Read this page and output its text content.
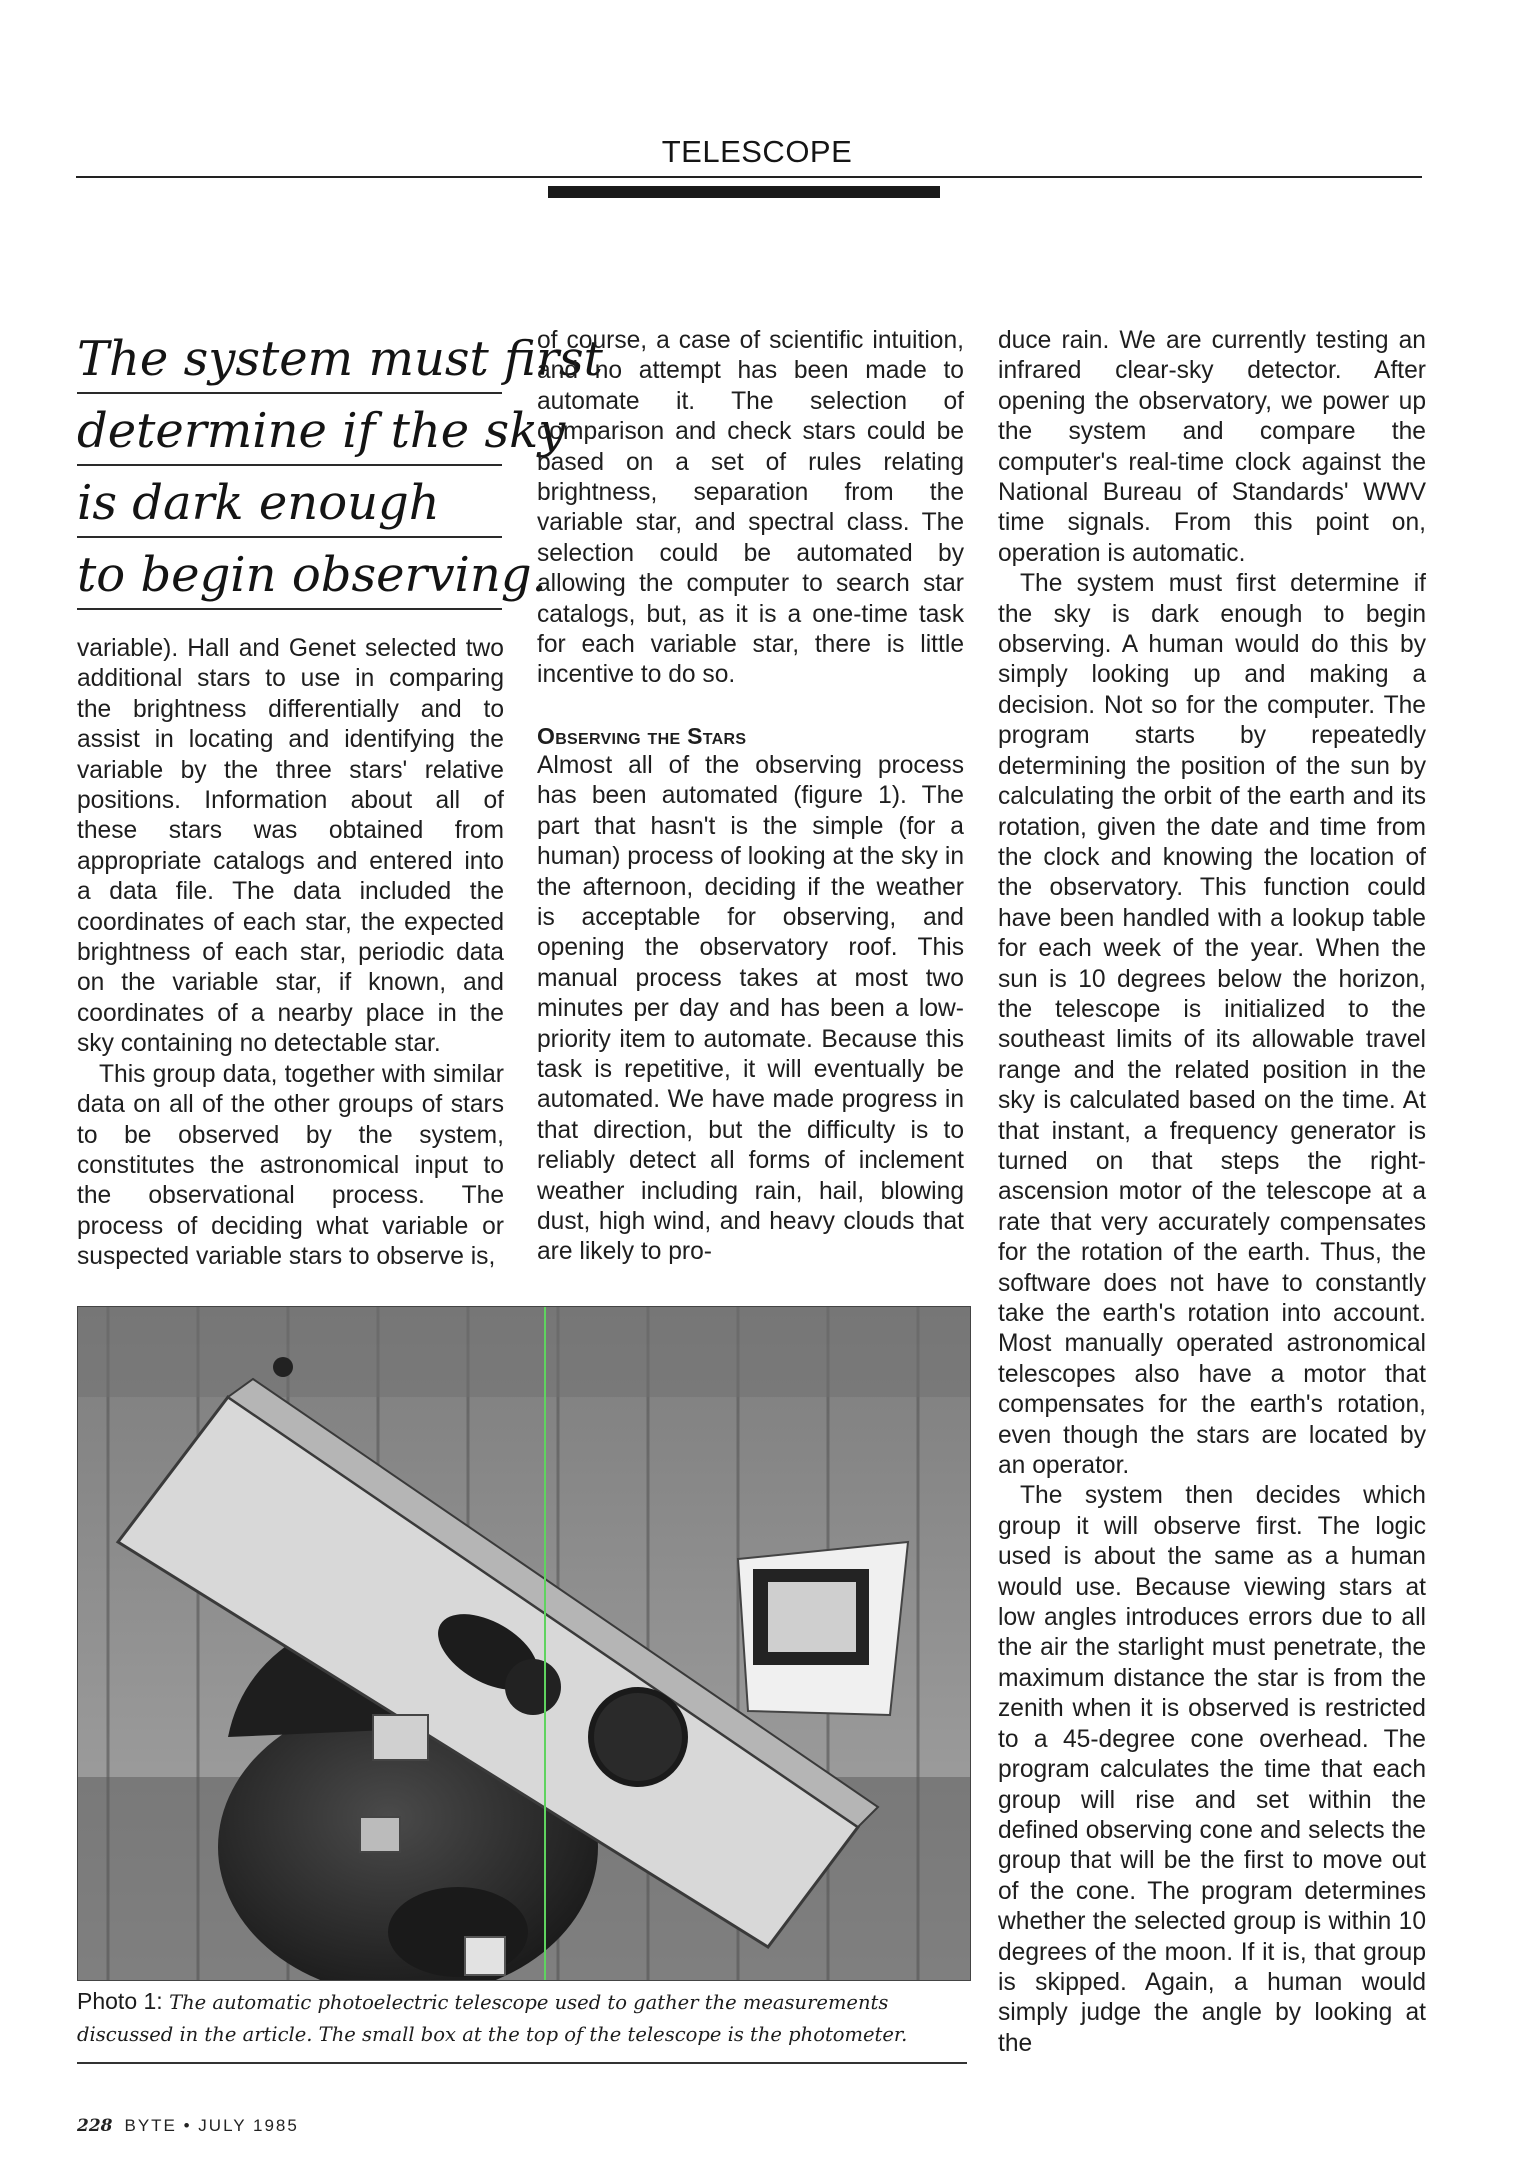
TELESCOPE
The system must first
determine if the sky
is dark enough
to begin observing.

variable). Hall and Genet selected two additional stars to use in comparing the brightness differentially and to assist in locating and identifying the variable by the three stars' relative positions. Information about all of these stars was obtained from appropriate catalogs and entered into a data file. The data included the coordinates of each star, the expected brightness of each star, periodic data on the variable star, if known, and coordinates of a nearby place in the sky containing no detectable star.

This group data, together with similar data on all of the other groups of stars to be observed by the system, constitutes the astronomical input to the observational process. The process of deciding what variable or suspected variable stars to observe is,

of course, a case of scientific intuition, and no attempt has been made to automate it. The selection of comparison and check stars could be based on a set of rules relating brightness, separation from the variable star, and spectral class. The selection could be automated by allowing the computer to search star catalogs, but, as it is a one-time task for each variable star, there is little incentive to do so.

Observing the Stars

Almost all of the observing process has been automated (figure 1). The part that hasn't is the simple (for a human) process of looking at the sky in the afternoon, deciding if the weather is acceptable for observing, and opening the observatory roof. This manual process takes at most two minutes per day and has been a low-priority item to automate. Because this task is repetitive, it will eventually be automated. We have made progress in that direction, but the difficulty is to reliably detect all forms of inclement weather including rain, hail, blowing dust, high wind, and heavy clouds that are likely to pro-

duce rain. We are currently testing an infrared clear-sky detector. After opening the observatory, we power up the system and compare the computer's real-time clock against the National Bureau of Standards' WWV time signals. From this point on, operation is automatic.

The system must first determine if the sky is dark enough to begin observing. A human would do this by simply looking up and making a decision. Not so for the computer. The program starts by repeatedly determining the position of the sun by calculating the orbit of the earth and its rotation, given the date and time from the clock and knowing the location of the observatory. This function could have been handled with a lookup table for each week of the year. When the sun is 10 degrees below the horizon, the telescope is initialized to the southeast limits of its allowable travel range and the related position in the sky is calculated based on the time. At that instant, a frequency generator is turned on that steps the right-ascension motor of the telescope at a rate that very accurately compensates for the rotation of the earth. Thus, the software does not have to constantly take the earth's rotation into account. Most manually operated astronomical telescopes also have a motor that compensates for the earth's rotation, even though the stars are located by an operator.

The system then decides which group it will observe first. The logic used is about the same as a human would use. Because viewing stars at low angles introduces errors due to all the air the starlight must penetrate, the maximum distance the star is from the zenith when it is observed is restricted to a 45-degree cone overhead. The program calculates the time that each group will rise and set within the defined observing cone and selects the group that will be the first to move out of the cone. The program determines whether the selected group is within 10 degrees of the moon. If it is, that group is skipped. Again, a human would simply judge the angle by looking at the

Photo 1: The automatic photoelectric telescope used to gather the measurements discussed in the article. The small box at the top of the telescope is the photometer.
228 BYTE • JULY 1985
